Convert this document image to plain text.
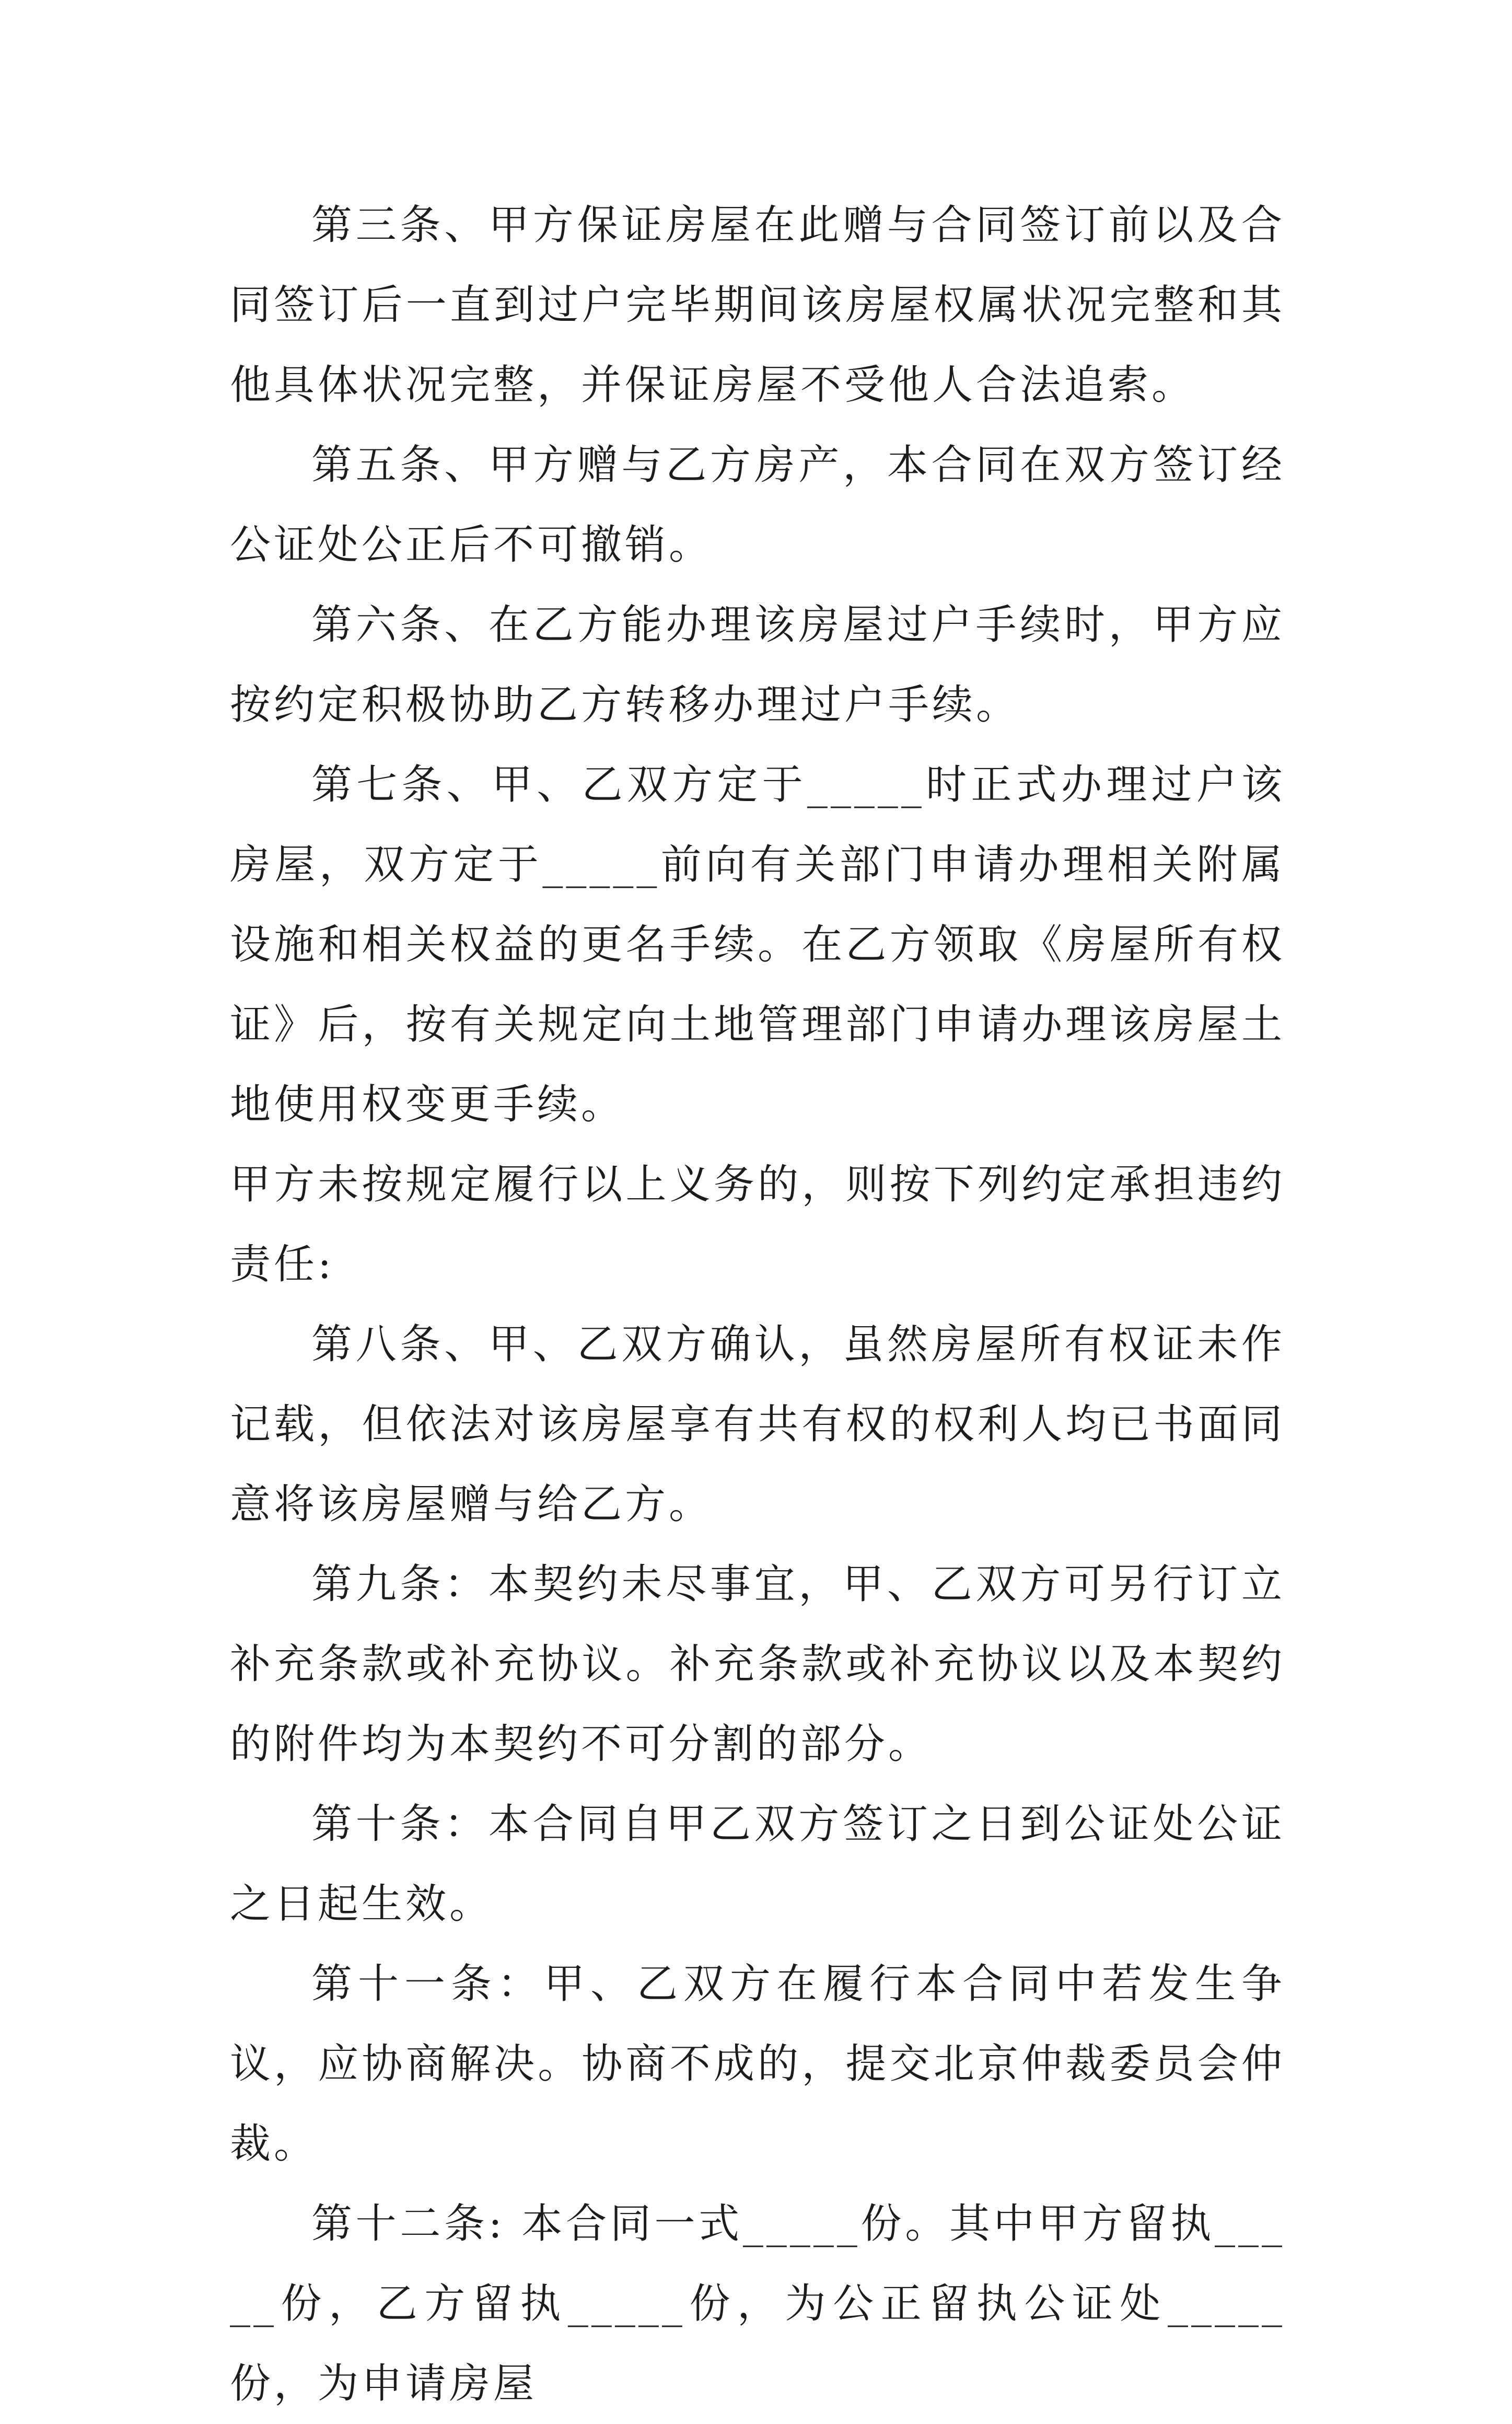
第三条、甲方保证房屋在此赠与合同签订前以及合同签订后一直到过户完毕期间该房屋权属状况完整和其他具体状况完整，并保证房屋不受他人合法追索。

第五条、甲方赠与乙方房产，本合同在双方签订经公证处公正后不可撤销。

第六条、在乙方能办理该房屋过户手续时，甲方应按约定积极协助乙方转移办理过户手续。

第七条、甲、乙双方定于_____时正式办理过户该房屋，双方定于_____前向有关部门申请办理相关附属设施和相关权益的更名手续。在乙方领取《房屋所有权证》后，按有关规定向土地管理部门申请办理该房屋土地使用权变更手续。

甲方未按规定履行以上义务的，则按下列约定承担违约责任:

第八条、甲、乙双方确认，虽然房屋所有权证未作记载，但依法对该房屋享有共有权的权利人均已书面同意将该房屋赠与给乙方。

第九条：本契约未尽事宜，甲、乙双方可另行订立补充条款或补充协议。补充条款或补充协议以及本契约的附件均为本契约不可分割的部分。

第十条：本合同自甲乙双方签订之日到公证处公证之日起生效。

第十一条：甲、乙双方在履行本合同中若发生争议，应协商解决。协商不成的，提交北京仲裁委员会仲裁。

第十二条: 本合同一式_____份。其中甲方留执_____份，乙方留执_____份，为公正留执公证处_____份，为申请房屋
